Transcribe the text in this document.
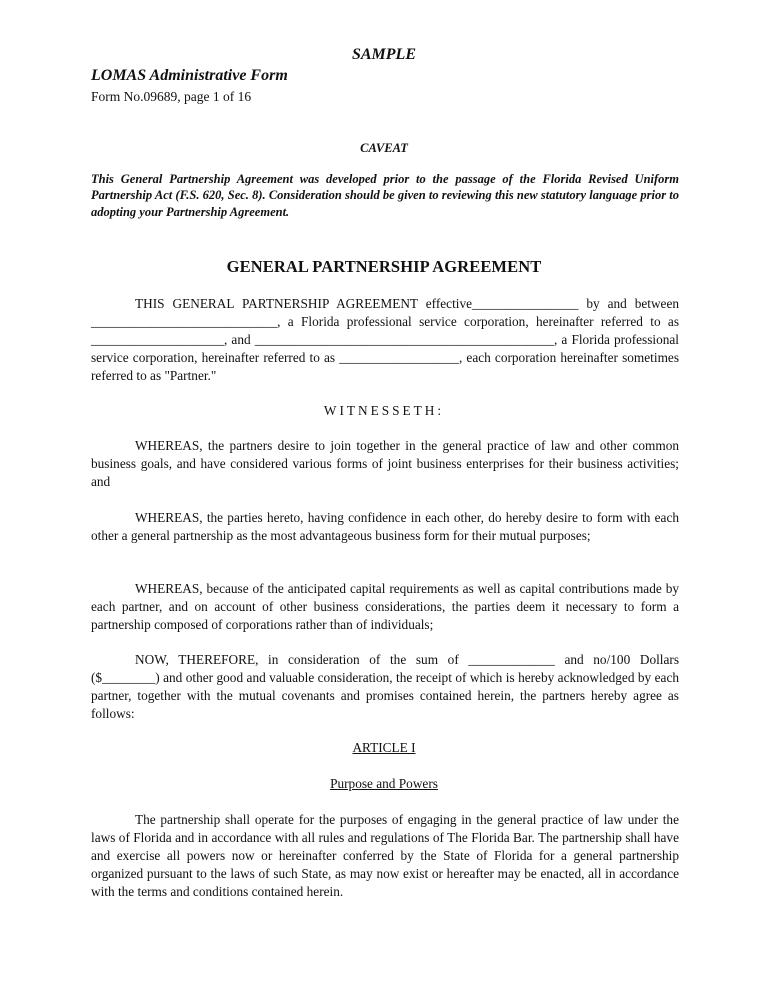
SAMPLE
LOMAS Administrative Form
Form No.09689, page 1 of 16
CAVEAT
This General Partnership Agreement was developed prior to the passage of the Florida Revised Uniform Partnership Act (F.S. 620, Sec. 8). Consideration should be given to reviewing this new statutory language prior to adopting your Partnership Agreement.
GENERAL PARTNERSHIP AGREEMENT

THIS GENERAL PARTNERSHIP AGREEMENT effective________________ by and between ____________________________, a Florida professional service corporation, hereinafter referred to as ____________________, and _____________________________________________, a Florida professional service corporation, hereinafter referred to as __________________, each corporation hereinafter sometimes referred to as "Partner."

WITNESSETH:

WHEREAS, the partners desire to join together in the general practice of law and other common business goals, and have considered various forms of joint business enterprises for their business activities; and

WHEREAS, the parties hereto, having confidence in each other, do hereby desire to form with each other a general partnership as the most advantageous business form for their mutual purposes;

WHEREAS, because of the anticipated capital requirements as well as capital contributions made by each partner, and on account of other business considerations, the parties deem it necessary to form a partnership composed of corporations rather than of individuals;

NOW, THEREFORE, in consideration of the sum of _____________ and no/100 Dollars ($________) and other good and valuable consideration, the receipt of which is hereby acknowledged by each partner, together with the mutual covenants and promises contained herein, the partners hereby agree as follows:

ARTICLE I
Purpose and Powers

The partnership shall operate for the purposes of engaging in the general practice of law under the laws of Florida and in accordance with all rules and regulations of The Florida Bar. The partnership shall have and exercise all powers now or hereinafter conferred by the State of Florida for a general partnership organized pursuant to the laws of such State, as may now exist or hereafter may be enacted, all in accordance with the terms and conditions contained herein.
